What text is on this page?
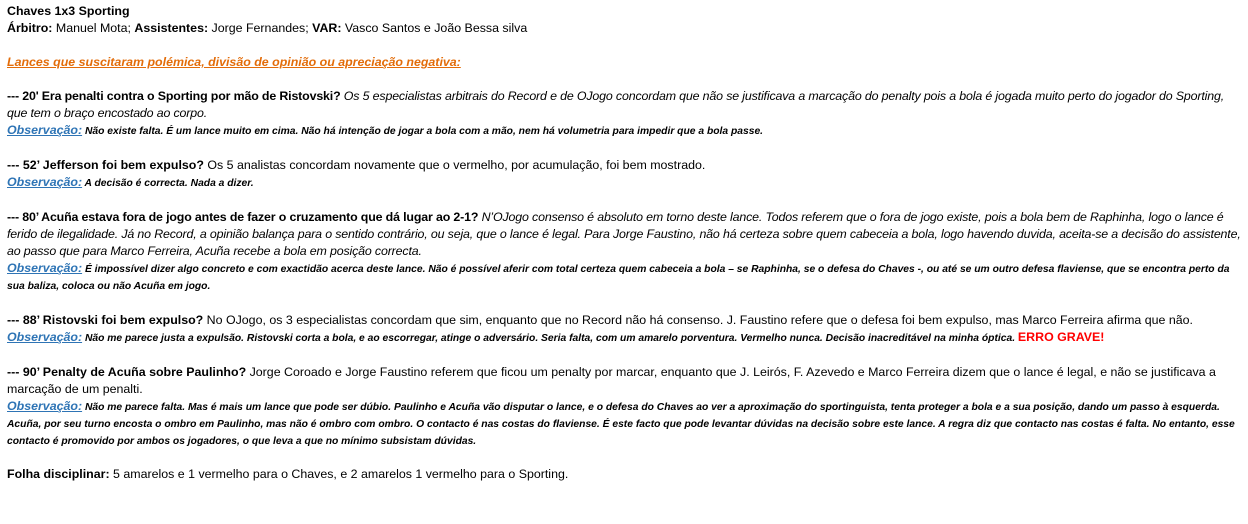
Chaves 1x3 Sporting

Árbitro: Manuel Mota; Assistentes: Jorge Fernandes; VAR: Vasco Santos e João Bessa silva

Lances que suscitaram polémica, divisão de opinião ou apreciação negativa:

--- 20' Era penalti contra o Sporting por mão de Ristovski? Os 5 especialistas arbitrais do Record e de OJogo concordam que não se justificava a marcação do penalty pois a bola é jogada muito perto do jogador do Sporting, que tem o braço encostado ao corpo.

Observação: Não existe falta. É um lance muito em cima. Não há intenção de jogar a bola com a mão, nem há volumetria para impedir que a bola passe.

--- 52’ Jefferson foi bem expulso? Os 5 analistas concordam novamente que o vermelho, por acumulação, foi bem mostrado.

Observação: A decisão é correcta. Nada a dizer.

--- 80’ Acuña estava fora de jogo antes de fazer o cruzamento que dá lugar ao 2-1? N’OJogo consenso é absoluto em torno deste lance. Todos referem que o fora de jogo existe, pois a bola bem de Raphinha, logo o lance é ferido de ilegalidade. Já no Record, a opinião balança para o sentido contrário, ou seja, que o lance é legal. Para Jorge Faustino, não há certeza sobre quem cabeceia a bola, logo havendo duvida, aceita-se a decisão do assistente, ao passo que para Marco Ferreira, Acuña recebe a bola em posição correcta.

Observação: É impossível dizer algo concreto e com exactidão acerca deste lance. Não é possível aferir com total certeza quem cabeceia a bola – se Raphinha, se o defesa do Chaves -, ou até se um outro defesa flaviense, que se encontra perto da sua baliza, coloca ou não Acuña em jogo.

--- 88’ Ristovski foi bem expulso? No OJogo, os 3 especialistas concordam que sim, enquanto que no Record não há consenso. J. Faustino refere que o defesa foi bem expulso, mas Marco Ferreira afirma que não.

Observação: Não me parece justa a expulsão. Ristovski corta a bola, e ao escorregar, atinge o adversário. Seria falta, com um amarelo porventura. Vermelho nunca. Decisão inacreditável na minha óptica. ERRO GRAVE!

--- 90’ Penalty de Acuña sobre Paulinho? Jorge Coroado e Jorge Faustino referem que ficou um penalty por marcar, enquanto que J. Leirós, F. Azevedo e Marco Ferreira dizem que o lance é legal, e não se justificava a marcação de um penalti.

Observação: Não me parece falta. Mas é mais um lance que pode ser dúbio. Paulinho e Acuña vão disputar o lance, e o defesa do Chaves ao ver a aproximação do sportinguista, tenta proteger a bola e a sua posição, dando um passo à esquerda. Acuña, por seu turno encosta o ombro em Paulinho, mas não é ombro com ombro. O contacto é nas costas do flaviense. É este facto que pode levantar dúvidas na decisão sobre este lance. A regra diz que contacto nas costas é falta. No entanto, esse contacto é promovido por ambos os jogadores, o que leva a que no mínimo subsistam dúvidas.

Folha disciplinar: 5 amarelos e 1 vermelho para o Chaves, e 2 amarelos 1 vermelho para o Sporting.
